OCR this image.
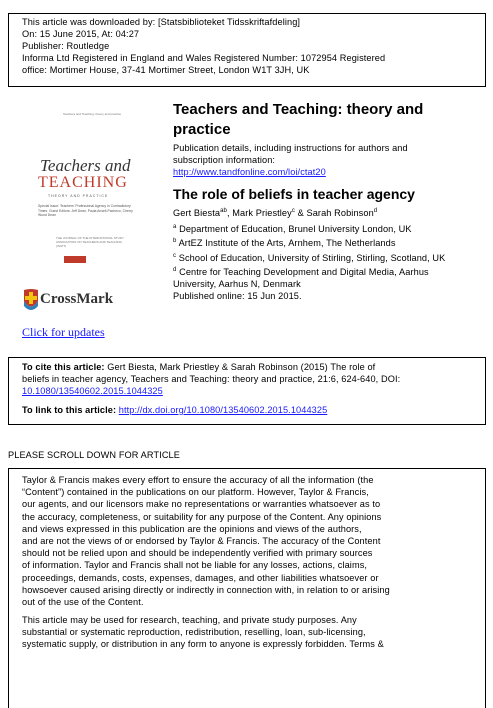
This article was downloaded by: [Statsbiblioteket Tidsskriftafdeling]
On: 15 June 2015, At: 04:27
Publisher: Routledge
Informa Ltd Registered in England and Wales Registered Number: 1072954 Registered
office: Mortimer House, 37-41 Mortimer Street, London W1T 3JH, UK
Teachers and Teaching: theory and practice
Teachers and
TEACHING
THEORY AND PRACTICE
Special Issue: Teachers' Professional Agency in Contradictory Times. Guest Editors: Jeff Dean, Paula Ansell-Pacheco, Cherry Wood Dean
THE JOURNAL OF THE INTERNATIONAL STUDY ASSOCIATION ON TEACHERS AND TEACHING (ISATT)
CrossMark
Click for updates
Teachers and Teaching: theory and
practice
Publication details, including instructions for authors and
subscription information:
http://www.tandfonline.com/loi/ctat20
The role of beliefs in teacher agency
Gert Biesta$^{ab}$, Mark Priestley$^c$ & Sarah Robinson$^d$
$^a$ Department of Education, Brunel University London, UK
$^b$ ArtEZ Institute of the Arts, Arnhem, The Netherlands
$^c$ School of Education, University of Stirling, Stirling, Scotland, UK
$^d$ Centre for Teaching Development and Digital Media, Aarhus
University, Aarhus N, Denmark
Published online: 15 Jun 2015.
To cite this article: Gert Biesta, Mark Priestley & Sarah Robinson (2015) The role of
beliefs in teacher agency, Teachers and Teaching: theory and practice, 21:6, 624-640, DOI:
10.1080/13540602.2015.1044325
To link to this article: http://dx.doi.org/10.1080/13540602.2015.1044325
PLEASE SCROLL DOWN FOR ARTICLE
Taylor & Francis makes every effort to ensure the accuracy of all the information (the
“Content”) contained in the publications on our platform. However, Taylor & Francis,
our agents, and our licensors make no representations or warranties whatsoever as to
the accuracy, completeness, or suitability for any purpose of the Content. Any opinions
and views expressed in this publication are the opinions and views of the authors,
and are not the views of or endorsed by Taylor & Francis. The accuracy of the Content
should not be relied upon and should be independently verified with primary sources
of information. Taylor and Francis shall not be liable for any losses, actions, claims,
proceedings, demands, costs, expenses, damages, and other liabilities whatsoever or
howsoever caused arising directly or indirectly in connection with, in relation to or arising
out of the use of the Content.
This article may be used for research, teaching, and private study purposes. Any
substantial or systematic reproduction, redistribution, reselling, loan, sub-licensing,
systematic supply, or distribution in any form to anyone is expressly forbidden. Terms &
